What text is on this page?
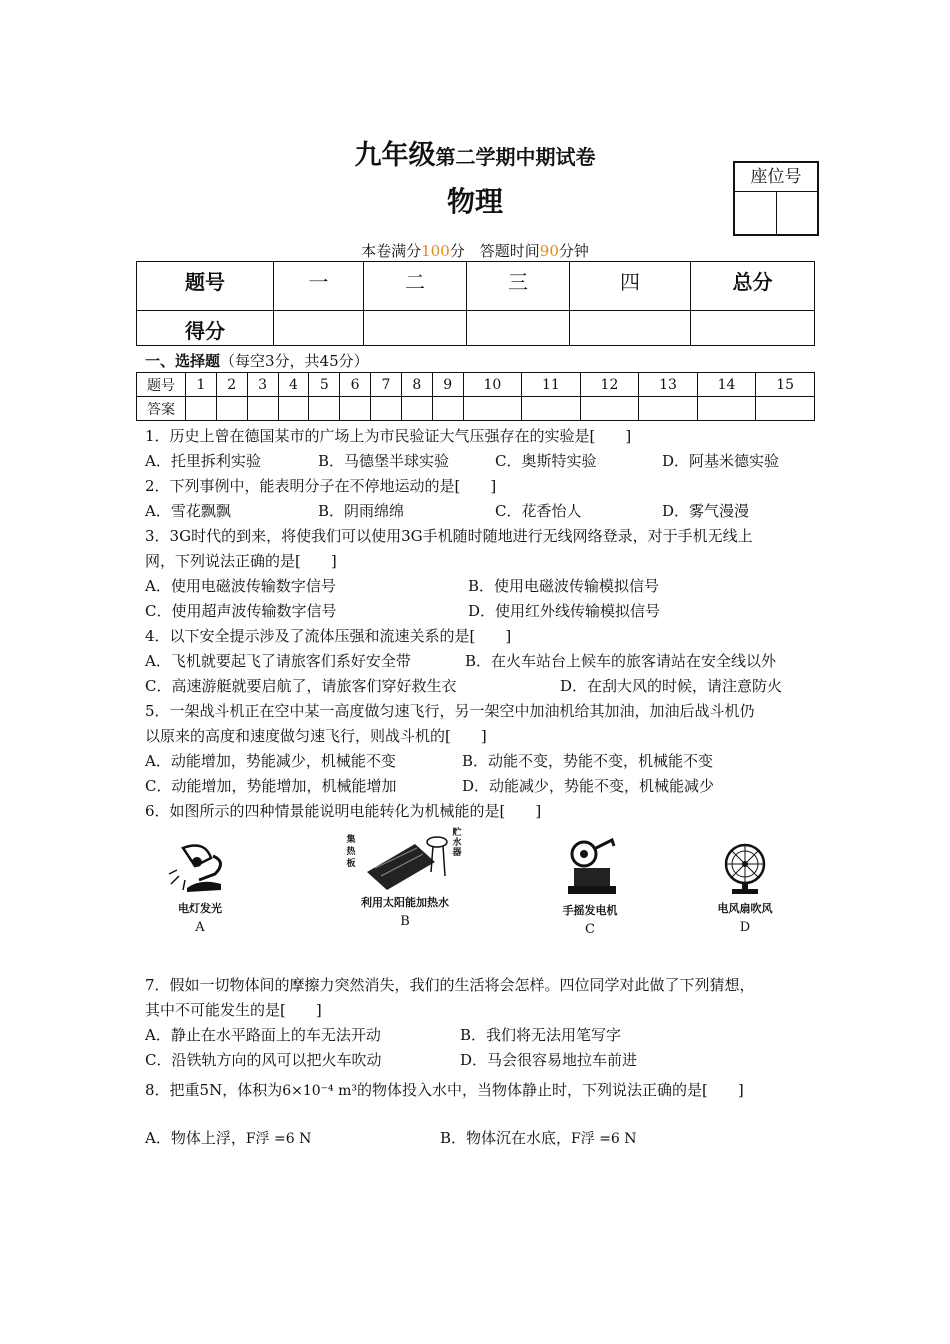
九年级第二学期中期试卷
物理
座位号
本卷满分100分　答题时间90分钟
题号	一	二	三	四	总分
得分					
一、选择题（每空3分，共45分）
题号	1	2	3	4	5	6	7	8	9	10	11	12	13	14	15
答案															
1．历史上曾在德国某市的广场上为市民验证大气压强存在的实验是[　　]
A．托里拆利实验	B．马德堡半球实验	C．奥斯特实验	D．阿基米德实验
2．下列事例中，能表明分子在不停地运动的是[　　]
A．雪花飘飘	B．阴雨绵绵	C．花香怡人	D．雾气漫漫
3．3G时代的到来，将使我们可以使用3G手机随时随地进行无线网络登录，对于手机无线上
网，下列说法正确的是[　　]
A．使用电磁波传输数字信号	B．使用电磁波传输模拟信号
C．使用超声波传输数字信号	D．使用红外线传输模拟信号
4．以下安全提示涉及了流体压强和流速关系的是[　　]
A．飞机就要起飞了请旅客们系好安全带	B．在火车站台上候车的旅客请站在安全线以外
C．高速游艇就要启航了，请旅客们穿好救生衣	D．在刮大风的时候，请注意防火
5．一架战斗机正在空中某一高度做匀速飞行，另一架空中加油机给其加油，加油后战斗机仍
以原来的高度和速度做匀速飞行，则战斗机的[　　]
A．动能增加，势能减少，机械能不变	B．动能不变，势能不变，机械能不变
C．动能增加，势能增加，机械能增加	D．动能减少，势能不变，机械能减少
6．如图所示的四种情景能说明电能转化为机械能的是[　　]
电灯发光
A
集热板
贮水器
利用太阳能加热水
B
手摇发电机
C
电风扇吹风
D
7．假如一切物体间的摩擦力突然消失，我们的生活将会怎样。四位同学对此做了下列猜想，
其中不可能发生的是[　　]
A．静止在水平路面上的车无法开动	B．我们将无法用笔写字
C．沿铁轨方向的风可以把火车吹动	D．马会很容易地拉车前进
8．把重5N，体积为6×10⁻⁴ m³的物体投入水中，当物体静止时，下列说法正确的是[　　]
A．物体上浮，F浮 =6 N	B．物体沉在水底，F浮 =6 N
